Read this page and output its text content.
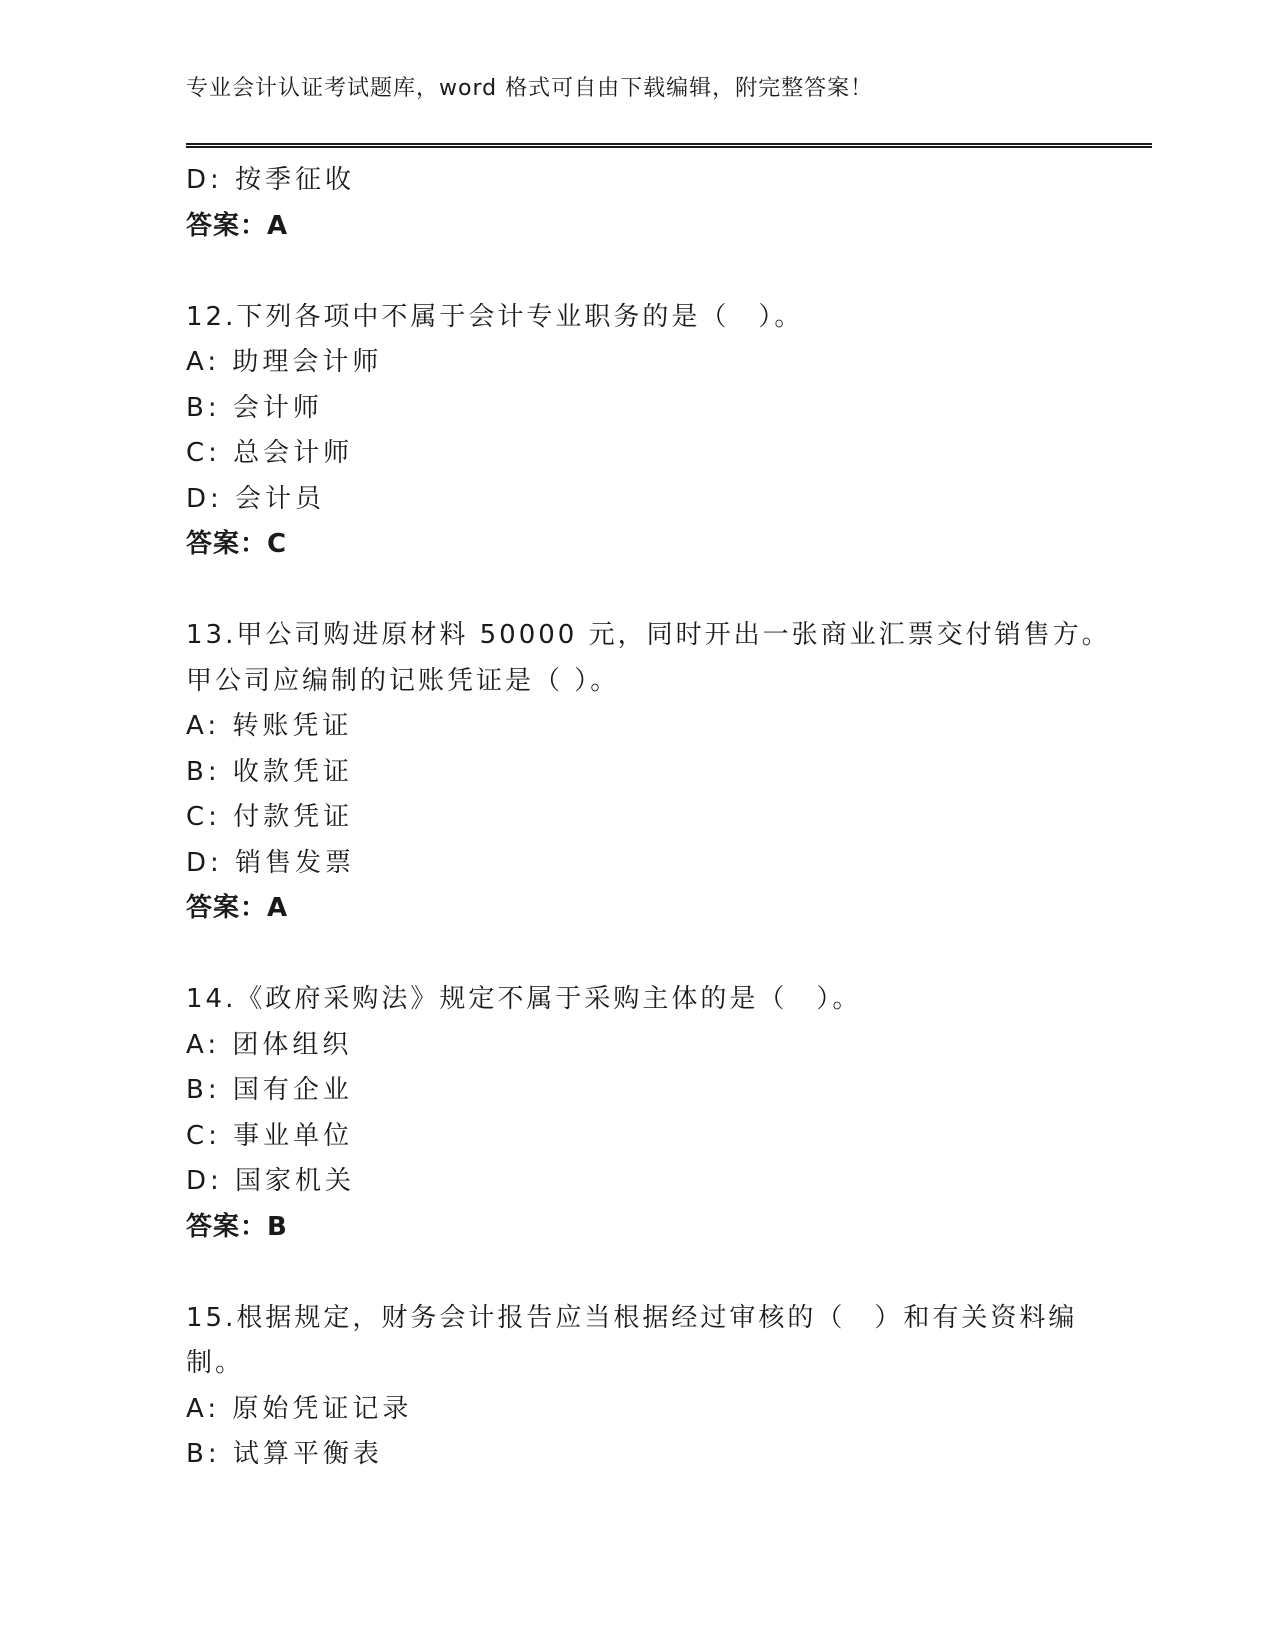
专业会计认证考试题库，word 格式可自由下载编辑，附完整答案！
D: 按季征收
答案：A
12.下列各项中不属于会计专业职务的是（　）。
A: 助理会计师
B: 会计师
C: 总会计师
D: 会计员
答案：C
13.甲公司购进原材料 50000 元，同时开出一张商业汇票交付销售方。
甲公司应编制的记账凭证是（ ）。
A: 转账凭证
B: 收款凭证
C: 付款凭证
D: 销售发票
答案：A
14.《政府采购法》规定不属于采购主体的是（　）。
A: 团体组织
B: 国有企业
C: 事业单位
D: 国家机关
答案：B
15.根据规定，财务会计报告应当根据经过审核的（　）和有关资料编
制。
A: 原始凭证记录
B: 试算平衡表
